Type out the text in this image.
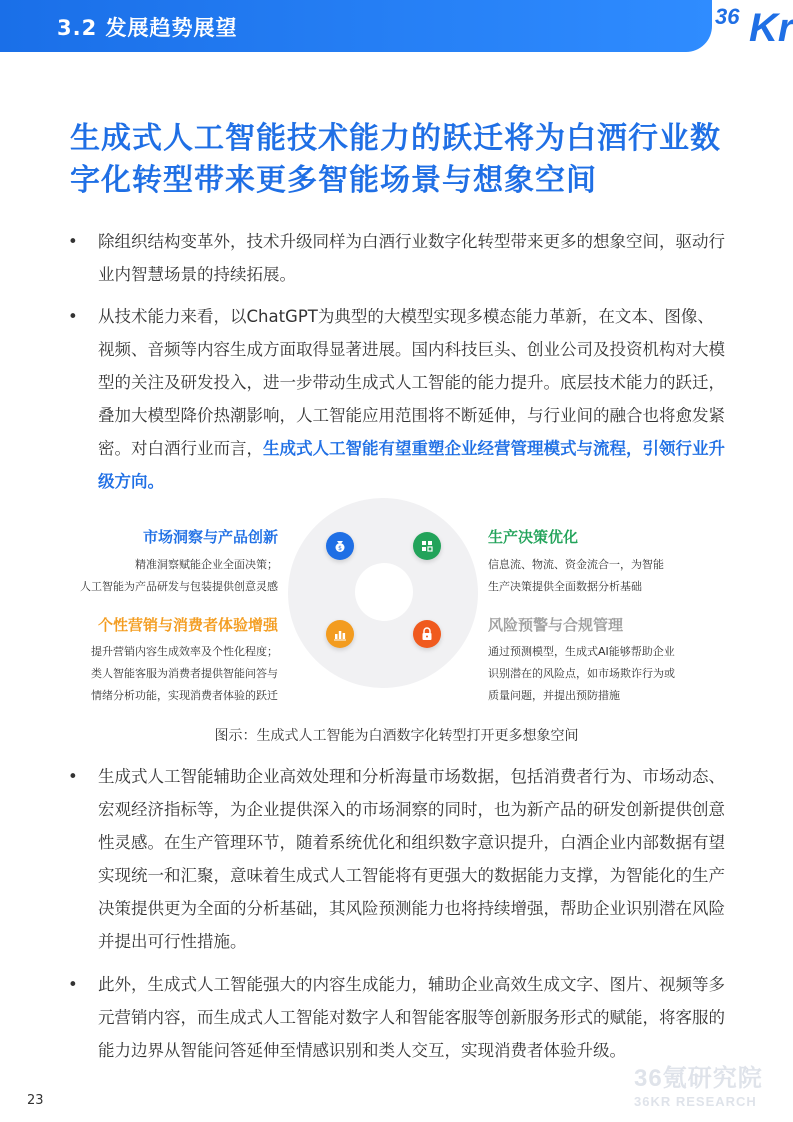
3.2 发展趋势展望	36 Kr
生成式人工智能技术能力的跃迁将为白酒行业数字化转型带来更多智能场景与想象空间
•	除组织结构变革外，技术升级同样为白酒行业数字化转型带来更多的想象空间，驱动行业内智慧场景的持续拓展。
•	从技术能力来看，以ChatGPT为典型的大模型实现多模态能力革新，在文本、图像、视频、音频等内容生成方面取得显著进展。国内科技巨头、创业公司及投资机构对大模型的关注及研发投入，进一步带动生成式人工智能的能力提升。底层技术能力的跃迁，叠加大模型降价热潮影响，人工智能应用范围将不断延伸，与行业间的融合也将愈发紧密。对白酒行业而言，生成式人工智能有望重塑企业经营管理模式与流程，引领行业升级方向。
$
市场洞察与产品创新
精准洞察赋能企业全面决策；
人工智能为产品研发与包装提供创意灵感
生产决策优化
信息流、物流、资金流合一，为智能
生产决策提供全面数据分析基础
个性营销与消费者体验增强
提升营销内容生成效率及个性化程度；
类人智能客服为消费者提供智能问答与
情绪分析功能，实现消费者体验的跃迁
风险预警与合规管理
通过预测模型，生成式AI能够帮助企业
识别潜在的风险点，如市场欺诈行为或
质量问题，并提出预防措施
图示：生成式人工智能为白酒数字化转型打开更多想象空间
•	生成式人工智能辅助企业高效处理和分析海量市场数据，包括消费者行为、市场动态、宏观经济指标等，为企业提供深入的市场洞察的同时，也为新产品的研发创新提供创意性灵感。在生产管理环节，随着系统优化和组织数字意识提升，白酒企业内部数据有望实现统一和汇聚，意味着生成式人工智能将有更强大的数据能力支撑，为智能化的生产决策提供更为全面的分析基础，其风险预测能力也将持续增强，帮助企业识别潜在风险并提出可行性措施。
•	此外，生成式人工智能强大的内容生成能力，辅助企业高效生成文字、图片、视频等多元营销内容，而生成式人工智能对数字人和智能客服等创新服务形式的赋能，将客服的能力边界从智能问答延伸至情感识别和类人交互，实现消费者体验升级。
23
36氪研究院
36KR RESEARCH
